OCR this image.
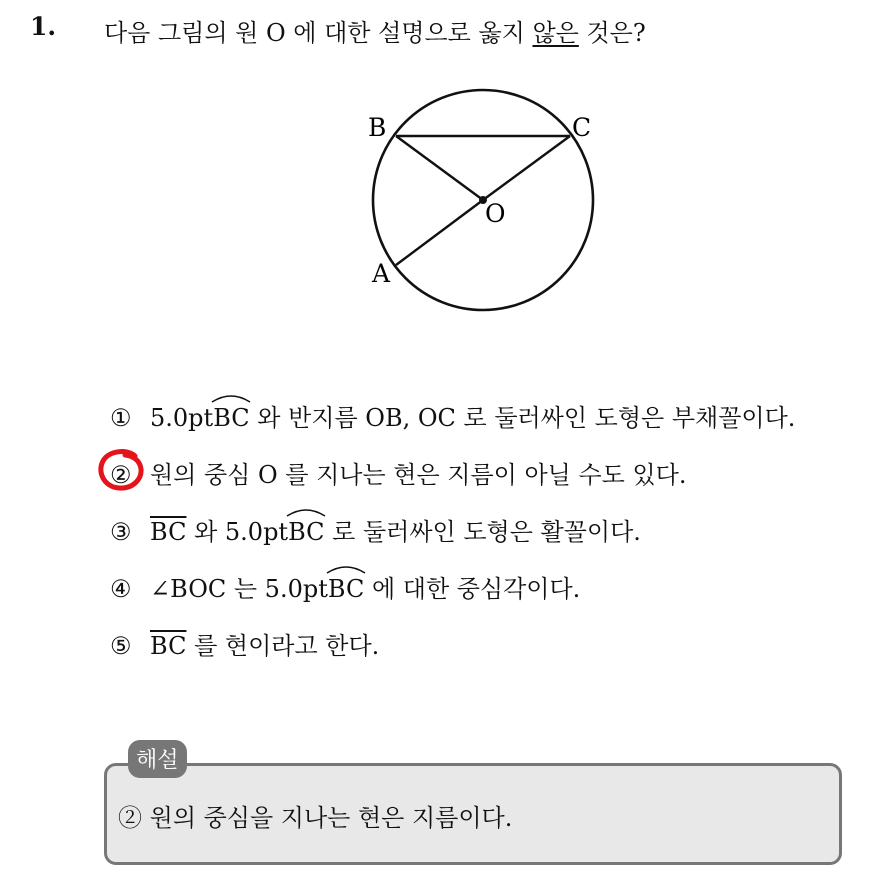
1. 다음 그림의 원 O 에 대한 설명으로 옳지 않은 것은?
B	C
O
A
① 5.0pt
BC 와 반지름 OB, OC 로 둘러싸인 도형은 부채꼴이다.
② 원의 중심 O 를 지나는 현은 지름이 아닐 수도 있다.
③ $\overline{BC}$ 와 5.0pt
BC 로 둘러싸인 도형은 활꼴이다.
④ ∠BOC 는 5.0pt
BC 에 대한 중심각이다.
⑤ $\overline{BC}$ 를 현이라고 한다.
해설
② 원의 중심을 지나는 현은 지름이다.
